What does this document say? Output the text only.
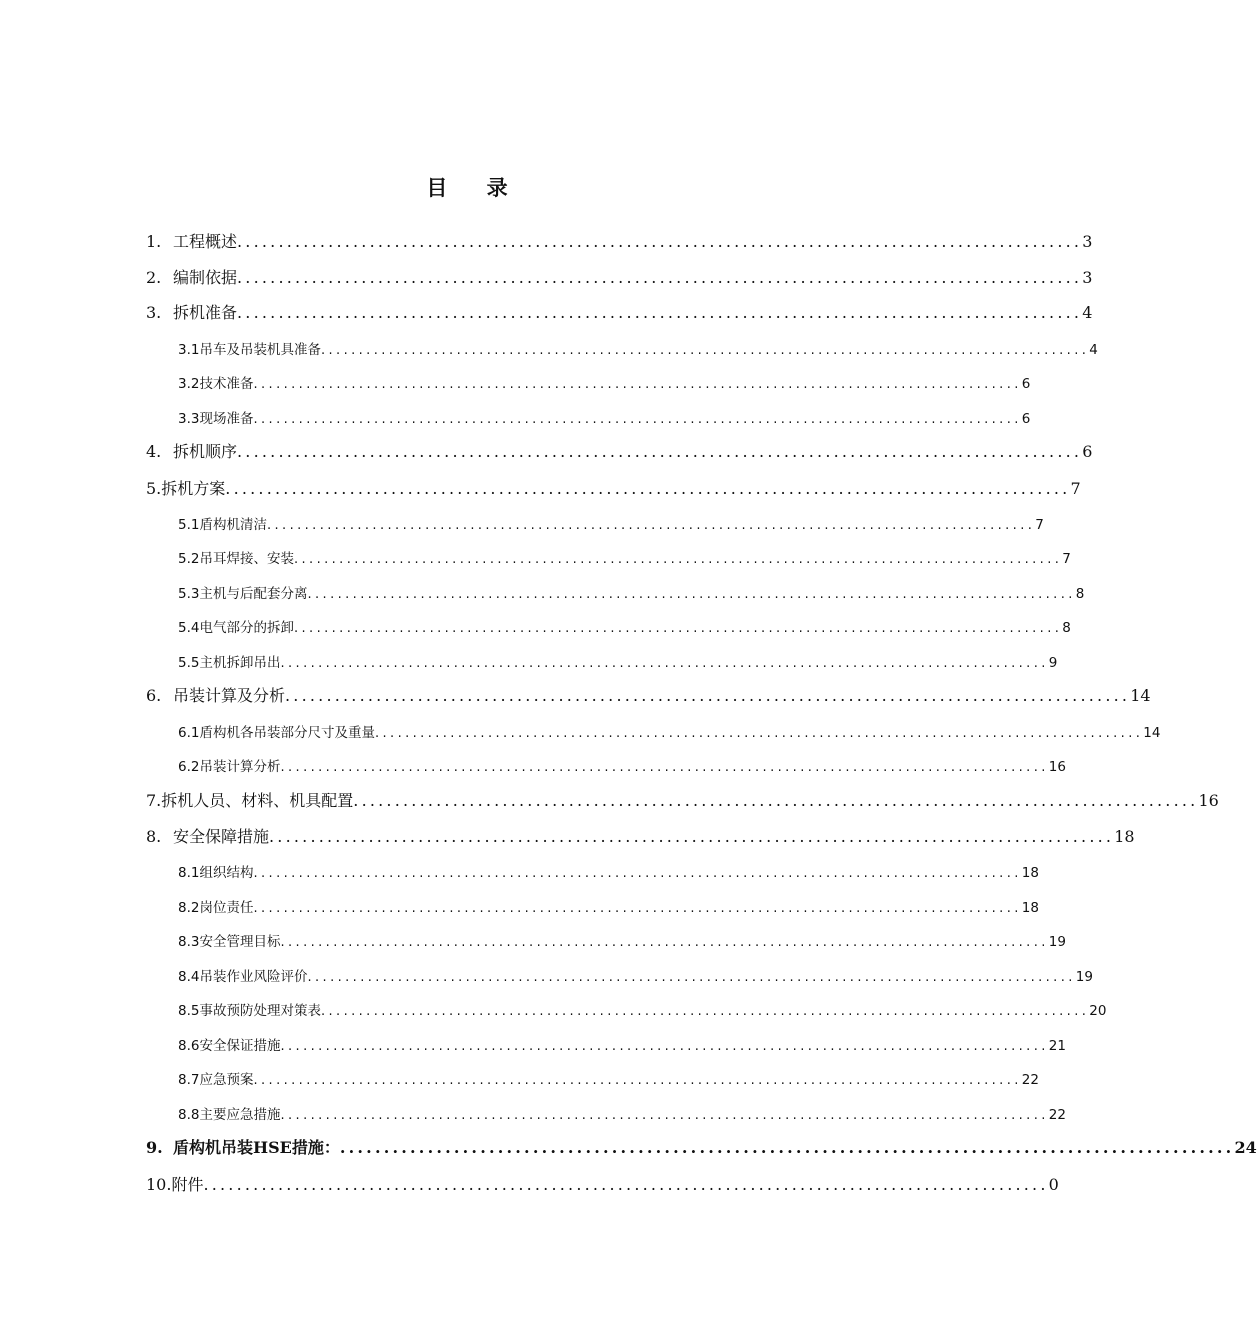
目 录
1. 工程概述 ...................................................................................................... 3
2. 编制依据 ...................................................................................................... 3
3. 拆机准备 ...................................................................................................... 4
3.1吊车及吊装机具准备 ...................................................................................................... 4
3.2技术准备 ...................................................................................................... 6
3.3现场准备 ...................................................................................................... 6
4. 拆机顺序 ...................................................................................................... 6
5.拆机方案 ...................................................................................................... 7
5.1盾构机清洁 ...................................................................................................... 7
5.2吊耳焊接、安装 ...................................................................................................... 7
5.3主机与后配套分离 ...................................................................................................... 8
5.4电气部分的拆卸 ...................................................................................................... 8
5.5主机拆卸吊出 ...................................................................................................... 9
6. 吊装计算及分析 ...................................................................................................... 14
6.1盾构机各吊装部分尺寸及重量 ...................................................................................................... 14
6.2吊装计算分析 ...................................................................................................... 16
7.拆机人员、材料、机具配置 ...................................................................................................... 16
8. 安全保障措施 ...................................................................................................... 18
8.1组织结构 ...................................................................................................... 18
8.2岗位责任 ...................................................................................................... 18
8.3安全管理目标 ...................................................................................................... 19
8.4吊装作业风险评价 ...................................................................................................... 19
8.5事故预防处理对策表 ...................................................................................................... 20
8.6安全保证措施 ...................................................................................................... 21
8.7应急预案 ...................................................................................................... 22
8.8主要应急措施 ...................................................................................................... 22
9. 盾构机吊装HSE措施： ...................................................................................................... 24
10.附件 ...................................................................................................... 0
